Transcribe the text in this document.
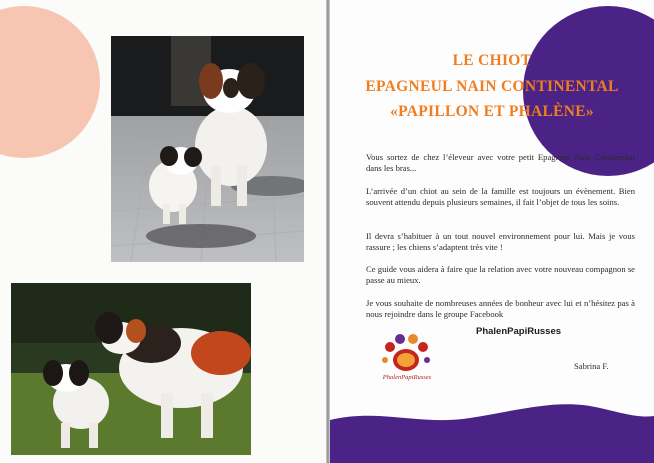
LE CHIOT

EPAGNEUL NAIN CONTINENTAL

«PAPILLON ET PHALÈNE»

Vous sortez de chez l’éleveur avec votre petit Epagneul Nain Continental dans les bras...

L’arrivée d’un chiot au sein de la famille est toujours un évènement. Bien souvent attendu depuis plusieurs semaines, il fait l’objet de tous les soins.

Il devra s’habituer à un tout nouvel environnement pour lui. Mais je vous rassure ; les chiens s’adaptent très vite !

Ce guide vous aidera à faire que la relation avec votre nouveau compagnon se passe au mieux.

Je vous souhaite de nombreuses années de bonheur avec lui et n’hésitez pas à nous rejoindre dans le groupe Facebook

PhalenPapiRusses
PhalenPapiRusses
Sabrina F.
